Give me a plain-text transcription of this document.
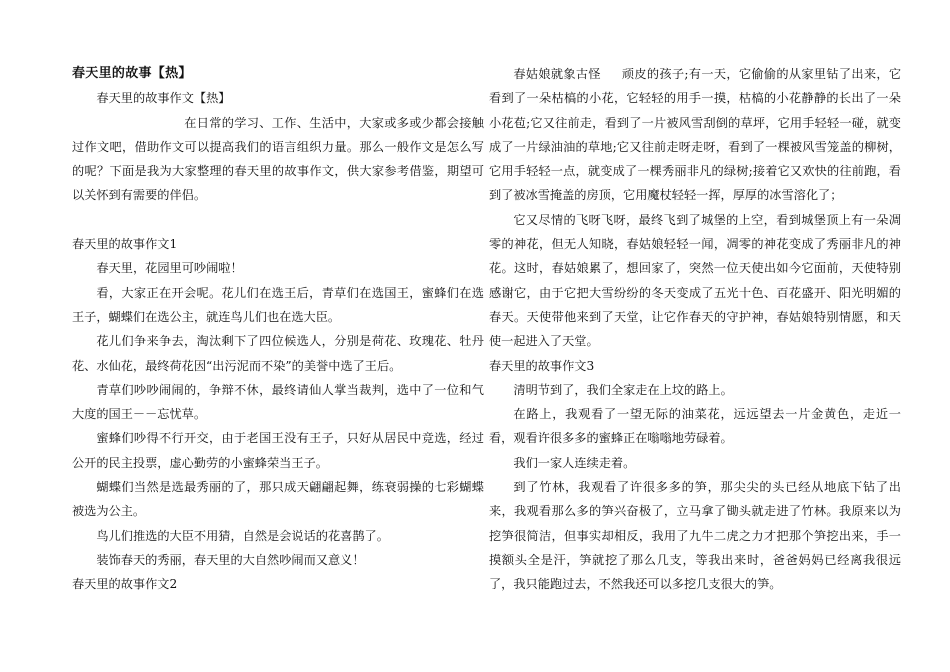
春天里的故事【热】

春天里的故事作文【热】

在日常的学习、工作、生活中，大家或多或少都会接触过作文吧，借助作文可以提高我们的语言组织力量。那么一般作文是怎么写的呢？下面是我为大家整理的春天里的故事作文，供大家参考借鉴，期望可以关怀到有需要的伴侣。

春天里的故事作文1

春天里，花园里可吵闹啦！

看，大家正在开会呢。花儿们在选王后，青草们在选国王，蜜蜂们在选王子，蝴蝶们在选公主，就连鸟儿们也在选大臣。

花儿们争来争去，淘汰剩下了四位候选人，分别是荷花、玫瑰花、牡丹花、水仙花，最终荷花因“出污泥而不染”的美誉中选了王后。

青草们吵吵闹闹的，争辩不休，最终请仙人掌当裁判，选中了一位和气大度的国王－－忘忧草。

蜜蜂们吵得不行开交，由于老国王没有王子，只好从居民中竞选，经过公开的民主投票，虚心勤劳的小蜜蜂荣当王子。

蝴蝶们当然是选最秀丽的了，那只成天翩翩起舞，练衰弱操的七彩蝴蝶被选为公主。

鸟儿们推选的大臣不用猜，自然是会说话的花喜鹊了。

装饰春天的秀丽，春天里的大自然吵闹而又意义！

春天里的故事作文2

春姑娘就象古怪 顽皮的孩子;有一天，它偷偷的从家里钻了出来，它看到了一朵枯槁的小花，它轻轻的用手一摸，枯槁的小花静静的长出了一朵小花苞;它又往前走，看到了一片被风雪刮倒的草坪，它用手轻轻一碰，就变成了一片绿油油的草地;它又往前走呀走呀，看到了一棵被风雪笼盖的柳树，它用手轻轻一点，就变成了一棵秀丽非凡的绿树;接着它又欢快的往前跑，看到了被冰雪掩盖的房顶，它用魔杖轻轻一挥，厚厚的冰雪溶化了；

它又尽情的飞呀飞呀，最终飞到了城堡的上空，看到城堡顶上有一朵凋零的神花，但无人知晓，春姑娘轻轻一闻，凋零的神花变成了秀丽非凡的神花。这时，春姑娘累了，想回家了，突然一位天使出如今它面前，天使特别感谢它，由于它把大雪纷纷的冬天变成了五光十色、百花盛开、阳光明媚的春天。天使带他来到了天堂，让它作春天的守护神，春姑娘特别情愿，和天使一起进入了天堂。

春天里的故事作文3

清明节到了，我们全家走在上坟的路上。

在路上，我观看了一望无际的油菜花，远远望去一片金黄色，走近一看，观看许很多多的蜜蜂正在嗡嗡地劳碌着。

我们一家人连续走着。

到了竹林，我观看了许很多多的笋，那尖尖的头已经从地底下钻了出来，我观看那么多的笋兴奋极了，立马拿了锄头就走进了竹林。我原来以为挖笋很简洁，但事实却相反，我用了九牛二虎之力才把那个笋挖出来，手一摸额头全是汗，笋就挖了那么几支，等我出来时，爸爸妈妈已经离我很远了，我只能跑过去，不然我还可以多挖几支很大的笋。
